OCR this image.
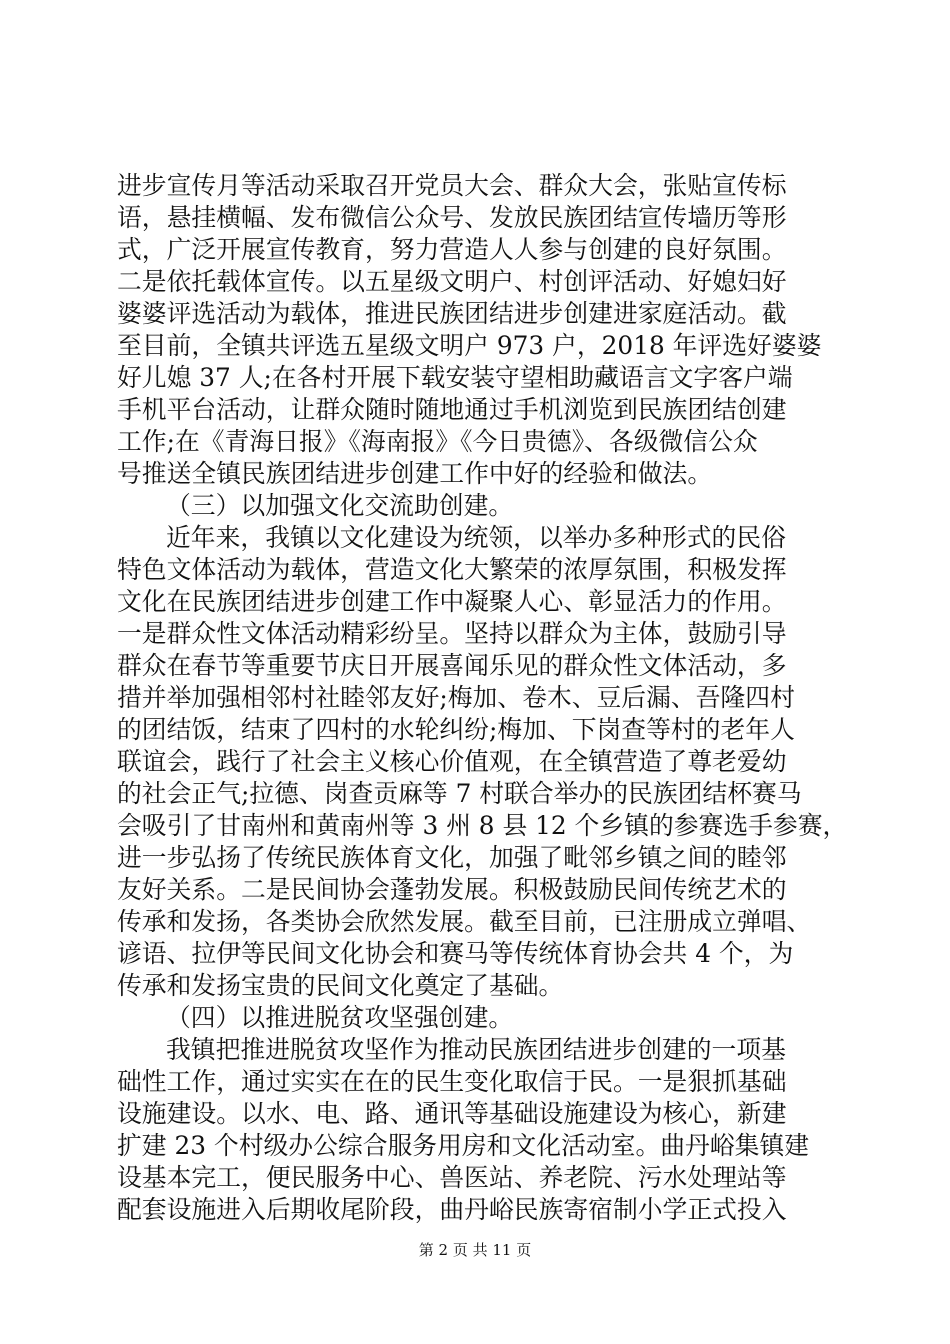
进步宣传月等活动采取召开党员大会、群众大会，张贴宣传标
语，悬挂横幅、发布微信公众号、发放民族团结宣传墙历等形
式，广泛开展宣传教育，努力营造人人参与创建的良好氛围。
二是依托载体宣传。以五星级文明户、村创评活动、好媳妇好
婆婆评选活动为载体，推进民族团结进步创建进家庭活动。截
至目前，全镇共评选五星级文明户 973 户，2018 年评选好婆婆
好儿媳 37 人;在各村开展下载安装守望相助藏语言文字客户端
手机平台活动，让群众随时随地通过手机浏览到民族团结创建
工作;在《青海日报》《海南报》《今日贵德》、各级微信公众
号推送全镇民族团结进步创建工作中好的经验和做法。
（三）以加强文化交流助创建。
近年来，我镇以文化建设为统领，以举办多种形式的民俗
特色文体活动为载体，营造文化大繁荣的浓厚氛围，积极发挥
文化在民族团结进步创建工作中凝聚人心、彰显活力的作用。
一是群众性文体活动精彩纷呈。坚持以群众为主体，鼓励引导
群众在春节等重要节庆日开展喜闻乐见的群众性文体活动，多
措并举加强相邻村社睦邻友好;梅加、卷木、豆后漏、吾隆四村
的团结饭，结束了四村的水轮纠纷;梅加、下岗查等村的老年人
联谊会，践行了社会主义核心价值观，在全镇营造了尊老爱幼
的社会正气;拉德、岗查贡麻等 7 村联合举办的民族团结杯赛马
会吸引了甘南州和黄南州等 3 州 8 县 12 个乡镇的参赛选手参赛，
进一步弘扬了传统民族体育文化，加强了毗邻乡镇之间的睦邻
友好关系。二是民间协会蓬勃发展。积极鼓励民间传统艺术的
传承和发扬，各类协会欣然发展。截至目前，已注册成立弹唱、
谚语、拉伊等民间文化协会和赛马等传统体育协会共 4 个，为
传承和发扬宝贵的民间文化奠定了基础。
（四）以推进脱贫攻坚强创建。
我镇把推进脱贫攻坚作为推动民族团结进步创建的一项基
础性工作，通过实实在在的民生变化取信于民。一是狠抓基础
设施建设。以水、电、路、通讯等基础设施建设为核心，新建
扩建 23 个村级办公综合服务用房和文化活动室。曲丹峪集镇建
设基本完工，便民服务中心、兽医站、养老院、污水处理站等
配套设施进入后期收尾阶段，曲丹峪民族寄宿制小学正式投入
第 2 页 共 11 页
